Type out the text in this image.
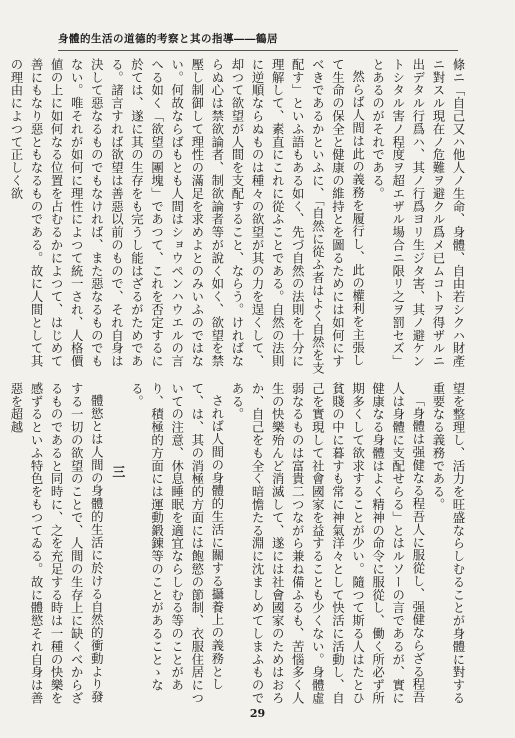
身體的生活の道德的考察と其の指導――鶴居

條ニ「自己又ハ他人ノ生命、身體、自由若シクハ財產ニ對スル現在ノ危難ヲ避クル爲メ已ムコトヲ得ザルニ出デタル行爲ハ、其ノ行爲ヨリ生ジタ害、其ノ避ケントシタル害ノ程度ヲ超エザル場合ニ限リ之ヲ罰セズ」とあるのがそれである。

然らば人間は此の義務を履行し、此の權利を主張して生命の保全と健康の維持とを圖るためには如何にすべきであるかといふに、「自然に從ふ者はよく自然を支配す」といふ語もある如く、先づ自然の法則を十分に理解して、素直にこれに從ふことである。自然の法則に逆順ならぬものは種々の欲望が其の力を逞くして、却つて欲望が人間を支配すること、ならう。ければならぬ心は禁欲論者、制欲論者等が說く如く、欲望を禁壓し制御して理性の滿足を求めよとのみいふのではない。何故ならばもとも人間はショウペンハウエルの言へる如く「欲望の團塊」であつて、これを否定するに於ては、遂に其の生存をも完うし能はざるがためである。諸言すれば欲望は善惡以前のもので、それ自身は決して惡なるものでもなければ、また惡なるものでもない。唯それが如何に理性によつて統一され、人格價値の上に如何なる位置を占むるかによつて、はじめて善にもなり惡ともなるものである。故に人間として其の理由によつて正しく欲

望を整理し、活力を旺盛ならしむることが身體に對する重要なる義務である。

「身體は强健なる程吾人に服從し、强健ならざる程吾人は身體に支配せらる」とはルソーの言であるが、實に健康なる身體はよく精神の命令に服從し、働く所必ず所期多くして欲求することが少い。隨つて斯る人はたとひ貧賤の中に暮すも常に神氣洋々として快活に活動し、自己を實現して社會國家を益することも少くない。身體虛弱なるものは富貴二つながら兼ね備ふるも、苦惱多く人生の快樂殆んど消滅して、遂には社會國家のためはおろか、自己をも全く暗憺たる淵に沈ましめてしまふものである。

されば人間の身體的生活に關する攝養上の義務として、は、其の消極的方面には飽慾の節制、衣服住居についての注意、休息睡眠を適宜ならしむる等のことがあり、積極的方面には運動鍛錬等のことがあることゝなる。

三

體慾とは人間の身體的生活に於ける自然的衝動より發する一切の欲望のことで、人間の生存上に缺くべからざるものであると同時に、之を充足する時は一種の快樂を感ずるといふ特色をもつてゐる。故に體慾それ自身は善惡を超越

29
